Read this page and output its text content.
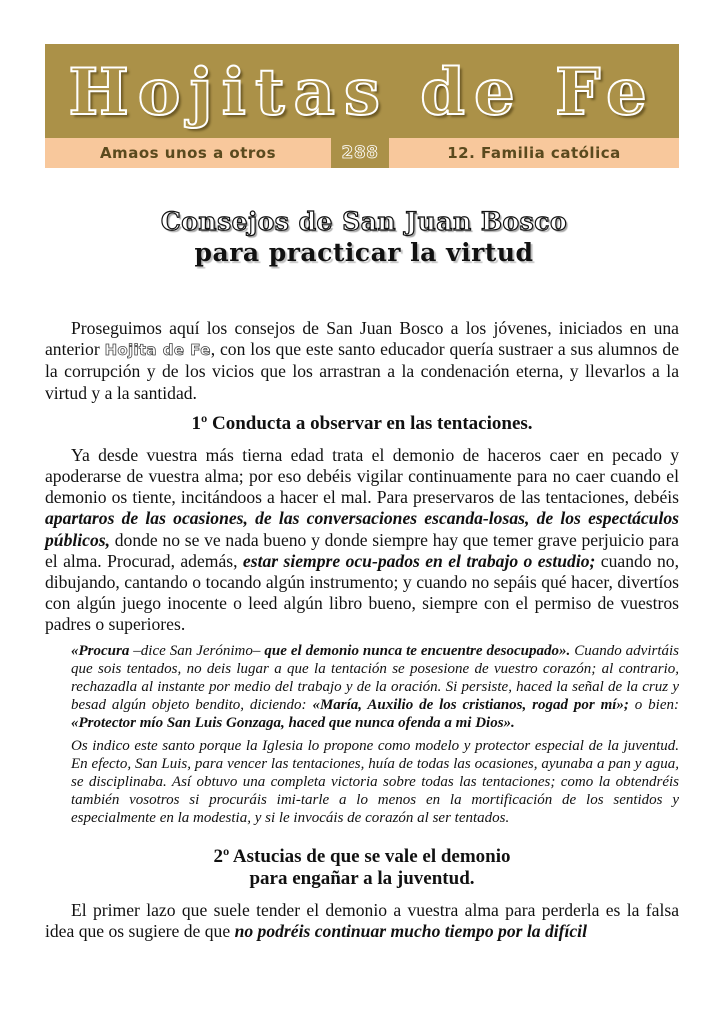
Hojitas de Fe
Amaos unos a otros	288	12. Familia católica
Consejos de San Juan Bosco
para practicar la virtud

Proseguimos aquí los consejos de San Juan Bosco a los jóvenes, iniciados en una anterior Hojita de Fe, con los que este santo educador quería sustraer a sus alumnos de la corrupción y de los vicios que los arrastran a la condenación eterna, y llevarlos a la virtud y a la santidad.

1º Conducta a observar en las tentaciones.

Ya desde vuestra más tierna edad trata el demonio de haceros caer en pecado y apoderarse de vuestra alma; por eso debéis vigilar continuamente para no caer cuando el demonio os tiente, incitándoos a hacer el mal. Para preservaros de las tentaciones, debéis apartaros de las ocasiones, de las conversaciones escanda-losas, de los espectáculos públicos, donde no se ve nada bueno y donde siempre hay que temer grave perjuicio para el alma. Procurad, además, estar siempre ocu-pados en el trabajo o estudio; cuando no, dibujando, cantando o tocando algún instrumento; y cuando no sepáis qué hacer, divertíos con algún juego inocente o leed algún libro bueno, siempre con el permiso de vuestros padres o superiores.

«Procura –dice San Jerónimo– que el demonio nunca te encuentre desocupado». Cuando advirtáis que sois tentados, no deis lugar a que la tentación se posesione de vuestro corazón; al contrario, rechazadla al instante por medio del trabajo y de la oración. Si persiste, haced la señal de la cruz y besad algún objeto bendito, diciendo: «María, Auxilio de los cristianos, rogad por mí»; o bien: «Protector mío San Luis Gonzaga, haced que nunca ofenda a mi Dios».
Os indico este santo porque la Iglesia lo propone como modelo y protector especial de la juventud. En efecto, San Luis, para vencer las tentaciones, huía de todas las ocasiones, ayunaba a pan y agua, se disciplinaba. Así obtuvo una completa victoria sobre todas las tentaciones; como la obtendréis también vosotros si procuráis imi-tarle a lo menos en la mortificación de los sentidos y especialmente en la modestia, y si le invocáis de corazón al ser tentados.
2º Astucias de que se vale el demonio
para engañar a la juventud.

El primer lazo que suele tender el demonio a vuestra alma para perderla es la falsa idea que os sugiere de que no podréis continuar mucho tiempo por la difícil
